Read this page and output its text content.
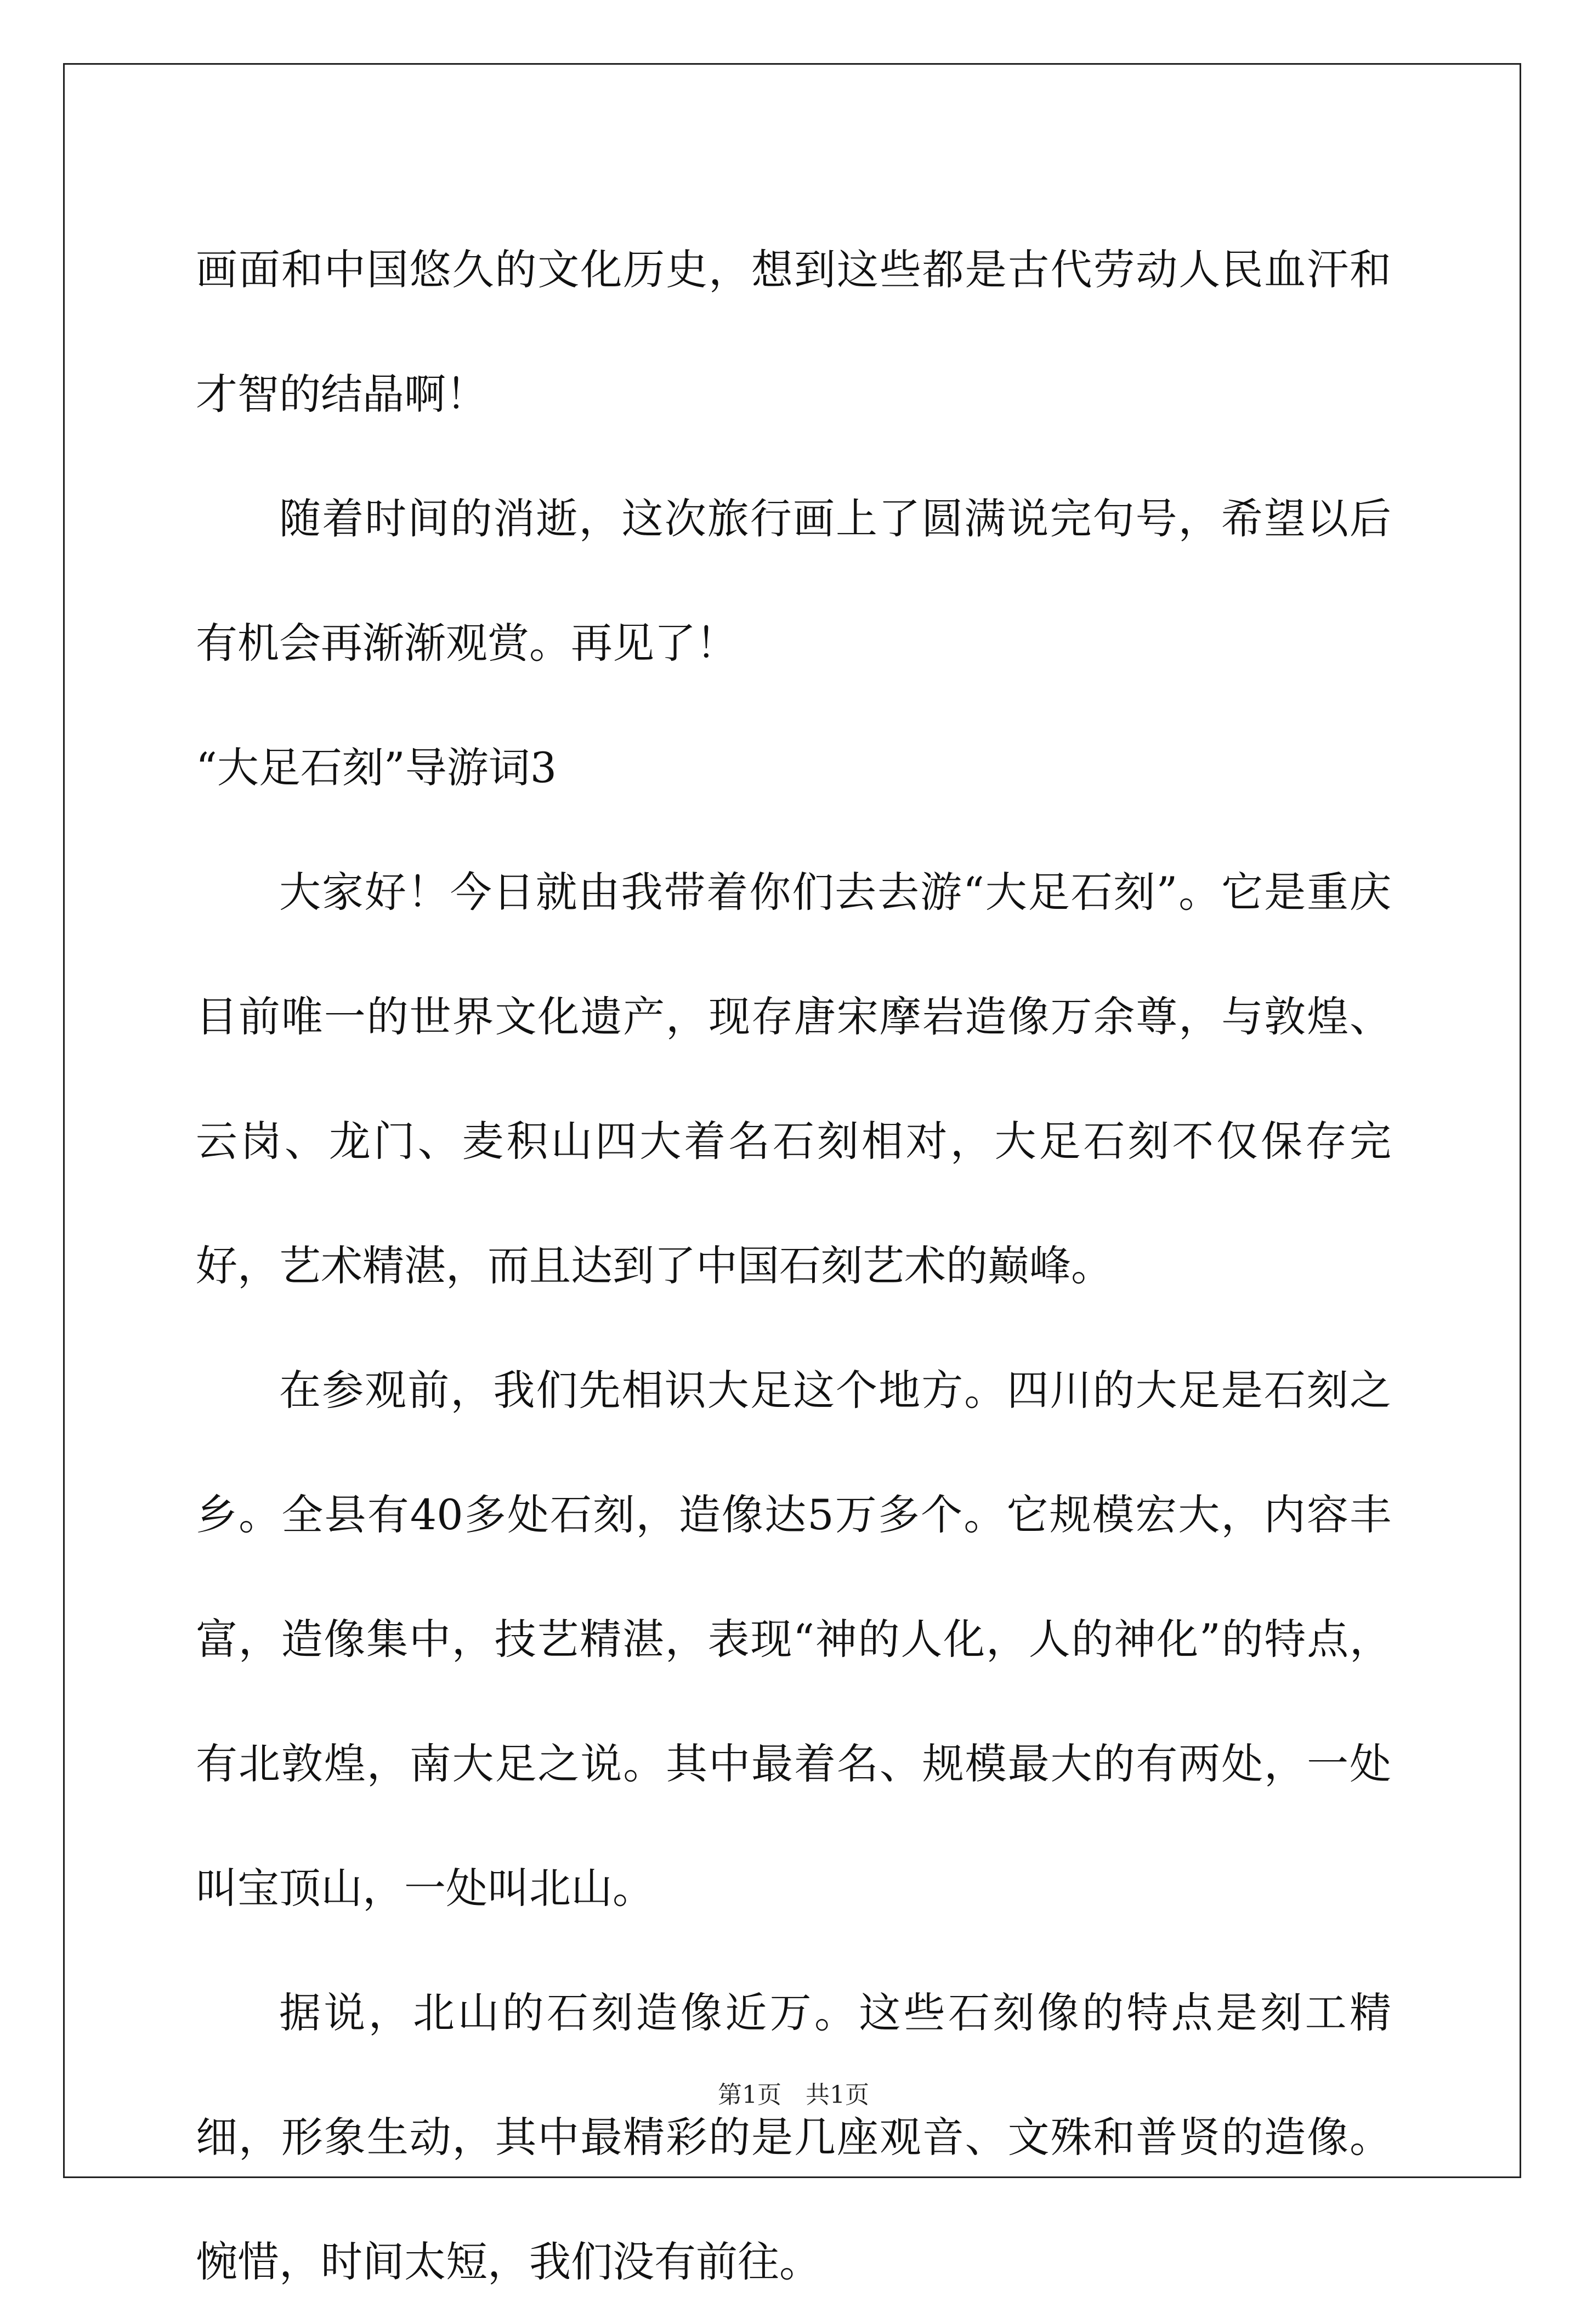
画面和中国悠久的文化历史，想到这些都是古代劳动人民血汗和才智的结晶啊！

随着时间的消逝，这次旅行画上了圆满说完句号，希望以后有机会再渐渐观赏。再见了！

“大足石刻”导游词3

大家好！今日就由我带着你们去去游“大足石刻”。它是重庆目前唯一的世界文化遗产，现存唐宋摩岩造像万余尊，与敦煌、云岗、龙门、麦积山四大着名石刻相对，大足石刻不仅保存完好，艺术精湛，而且达到了中国石刻艺术的巅峰。

在参观前，我们先相识大足这个地方。四川的大足是石刻之乡。全县有40多处石刻，造像达5万多个。它规模宏大，内容丰富，造像集中，技艺精湛，表现“神的人化，人的神化”的特点，有北敦煌，南大足之说。其中最着名、规模最大的有两处，一处叫宝顶山，一处叫北山。

据说，北山的石刻造像近万。这些石刻像的特点是刻工精细，形象生动，其中最精彩的是几座观音、文殊和普贤的造像。惋惜，时间太短，我们没有前往。

第1页　共1页
